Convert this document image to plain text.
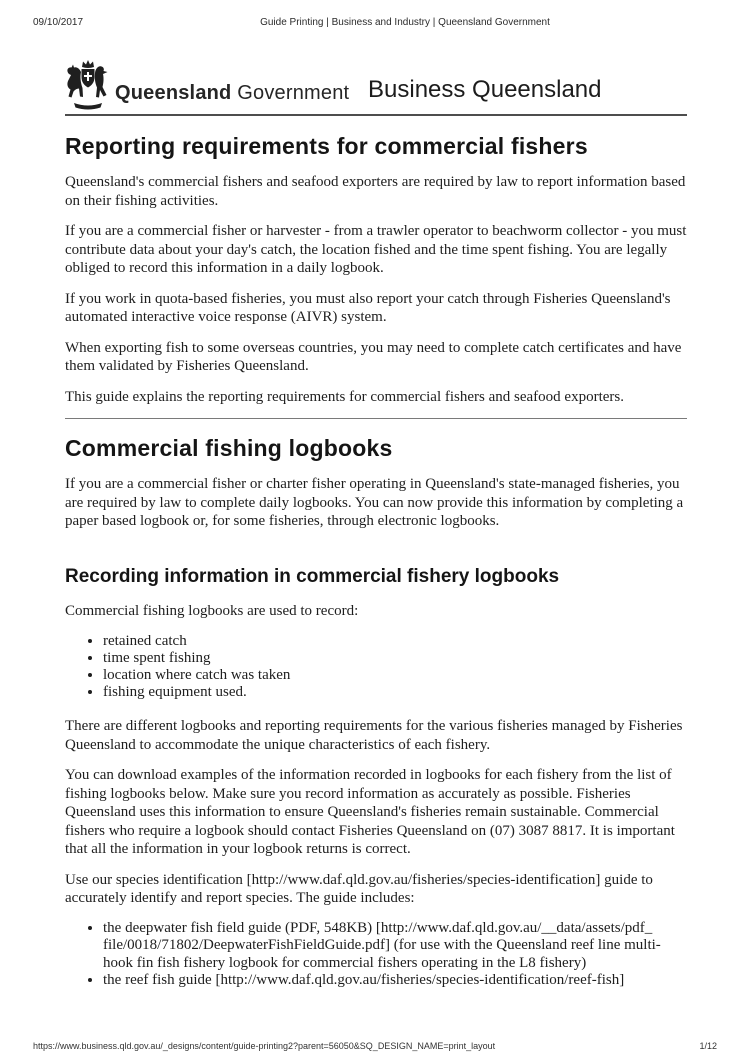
09/10/2017	Guide Printing | Business and Industry | Queensland Government
Queensland Government Business Queensland
Reporting requirements for commercial fishers

Queensland's commercial fishers and seafood exporters are required by law to report information based on their fishing activities.

If you are a commercial fisher or harvester - from a trawler operator to beachworm collector - you must contribute data about your day's catch, the location fished and the time spent fishing. You are legally obliged to record this information in a daily logbook.

If you work in quota-based fisheries, you must also report your catch through Fisheries Queensland's automated interactive voice response (AIVR) system.

When exporting fish to some overseas countries, you may need to complete catch certificates and have them validated by Fisheries Queensland.

This guide explains the reporting requirements for commercial fishers and seafood exporters.

Commercial fishing logbooks

If you are a commercial fisher or charter fisher operating in Queensland's state-managed fisheries, you are required by law to complete daily logbooks. You can now provide this information by completing a paper based logbook or, for some fisheries, through electronic logbooks.

Recording information in commercial fishery logbooks

Commercial fishing logbooks are used to record:

• retained catch
• time spent fishing
• location where catch was taken
• fishing equipment used.

There are different logbooks and reporting requirements for the various fisheries managed by Fisheries Queensland to accommodate the unique characteristics of each fishery.

You can download examples of the information recorded in logbooks for each fishery from the list of fishing logbooks below. Make sure you record information as accurately as possible. Fisheries Queensland uses this information to ensure Queensland's fisheries remain sustainable. Commercial fishers who require a logbook should contact Fisheries Queensland on (07) 3087 8817. It is important that all the information in your logbook returns is correct.

Use our species identification [http://www.daf.qld.gov.au/fisheries/species-identification] guide to accurately identify and report species. The guide includes:

• the deepwater fish field guide (PDF, 548KB) [http://www.daf.qld.gov.au/__data/assets/pdf_​file/0018/71802/DeepwaterFishFieldGuide.pdf] (for use with the Queensland reef line multi-hook fin fish fishery logbook for commercial fishers operating in the L8 fishery)
• the reef fish guide [http://www.daf.qld.gov.au/fisheries/species-identification/reef-fish]
https://www.business.qld.gov.au/_designs/content/guide-printing2?parent=56050&SQ_DESIGN_NAME=print_layout	1/12
